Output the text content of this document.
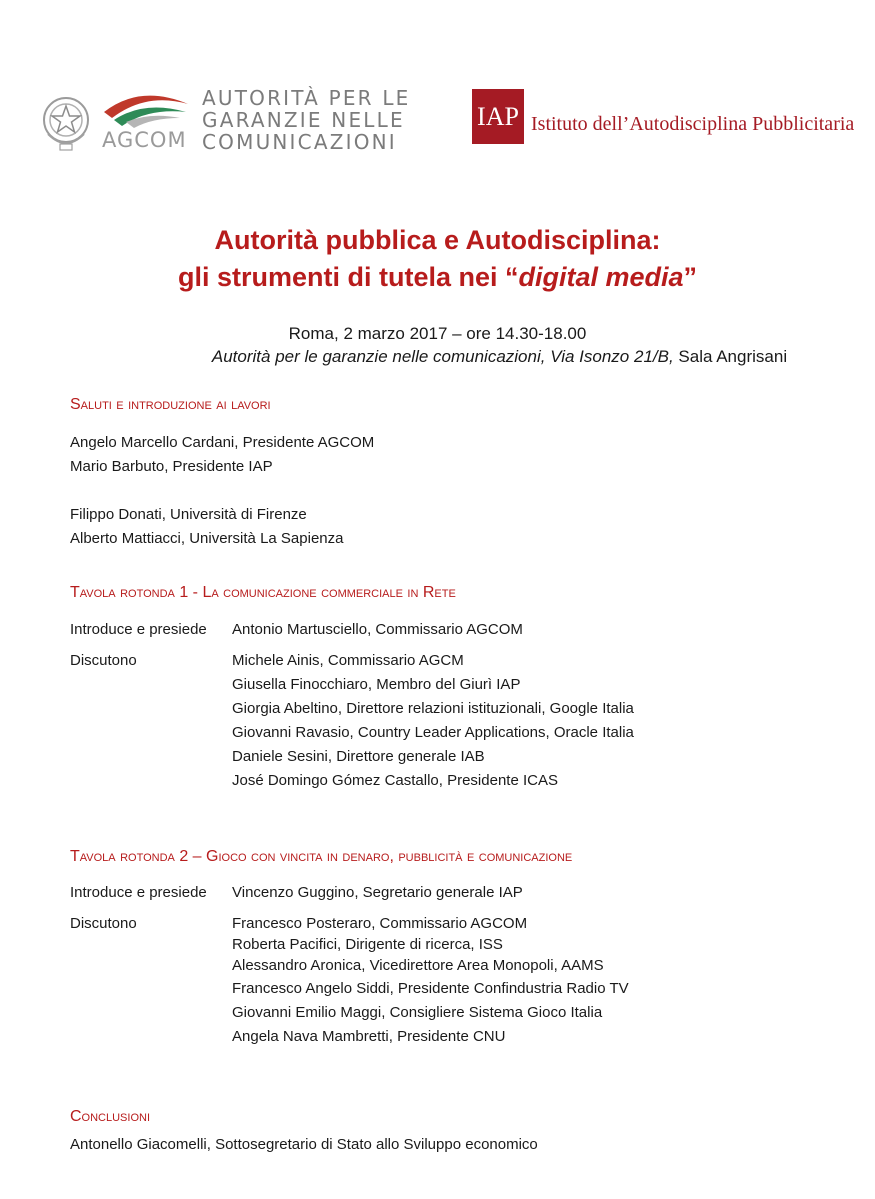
AGCOM
AUTORITÀ PER LE
GARANZIE NELLE
COMUNICAZIONI
IAP Istituto dell’Autodisciplina Pubblicitaria
Autorità pubblica e Autodisciplina:
gli strumenti di tutela nei “digital media”
Roma, 2 marzo 2017 – ore 14.30-18.00
Autorità per le garanzie nelle comunicazioni, Via Isonzo 21/B, Sala Angrisani
Saluti e introduzione ai lavori
Angelo Marcello Cardani, Presidente AGCOM
Mario Barbuto, Presidente IAP
Filippo Donati, Università di Firenze
Alberto Mattiacci, Università La Sapienza
Tavola rotonda 1 - La comunicazione commerciale in Rete
Introduce e presiede Antonio Martusciello, Commissario AGCOM
Discutono	Michele Ainis, Commissario AGCM
Giusella Finocchiaro, Membro del Giurì IAP
Giorgia Abeltino, Direttore relazioni istituzionali, Google Italia
Giovanni Ravasio, Country Leader Applications, Oracle Italia
Daniele Sesini, Direttore generale IAB
José Domingo Gómez Castallo, Presidente ICAS
Tavola rotonda 2 – Gioco con vincita in denaro, pubblicità e comunicazione
Introduce e presiede Vincenzo Guggino, Segretario generale IAP
Discutono	Francesco Posteraro, Commissario AGCOM
Roberta Pacifici, Dirigente di ricerca, ISS
Alessandro Aronica, Vicedirettore Area Monopoli, AAMS
Francesco Angelo Siddi, Presidente Confindustria Radio TV
Giovanni Emilio Maggi, Consigliere Sistema Gioco Italia
Angela Nava Mambretti, Presidente CNU
Conclusioni
Antonello Giacomelli, Sottosegretario di Stato allo Sviluppo economico
